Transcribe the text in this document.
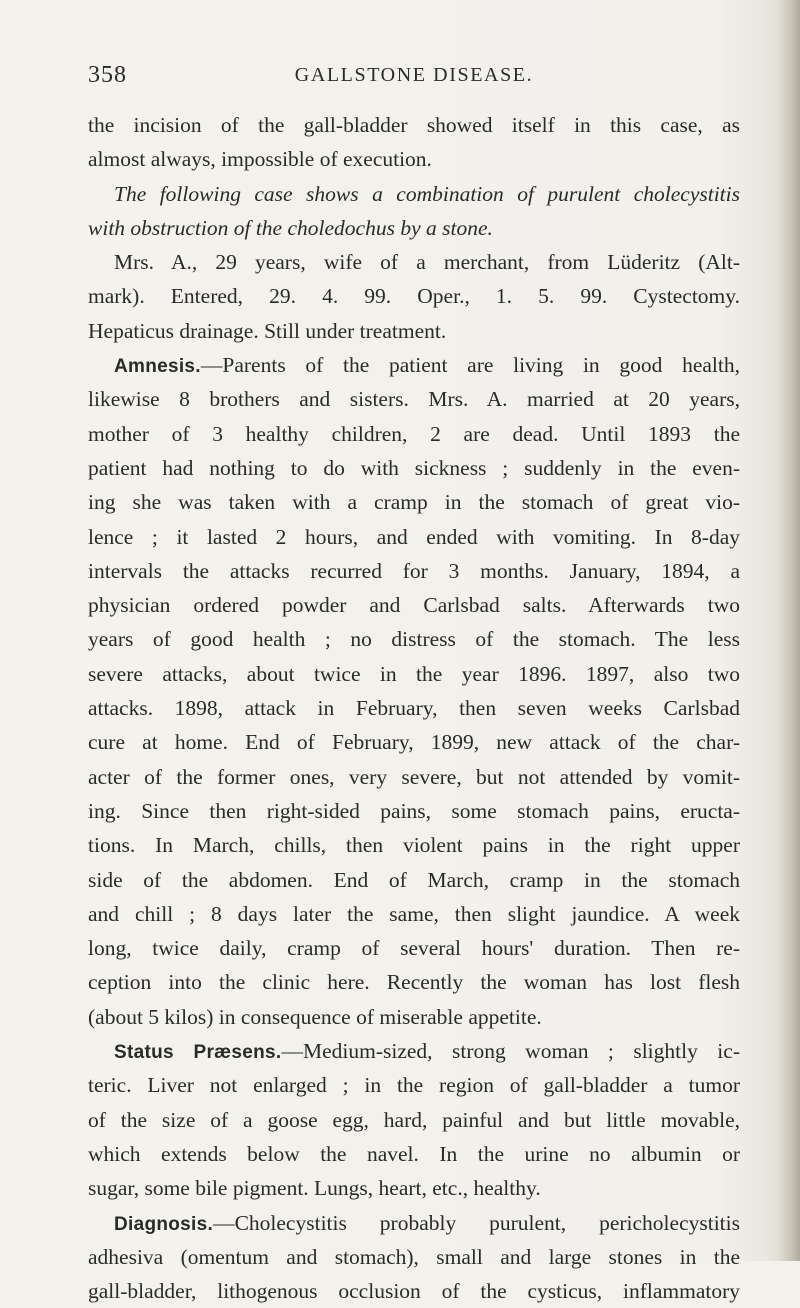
358	GALLSTONE DISEASE.
the incision of the gall-bladder showed itself in this case, as
almost always, impossible of execution.
The following case shows a combination of purulent cholecystitis
with obstruction of the choledochus by a stone.
Mrs. A., 29 years, wife of a merchant, from Lüderitz (Alt-
mark). Entered, 29. 4. 99. Oper., 1. 5. 99. Cystectomy.
Hepaticus drainage. Still under treatment.
Amnesis.—Parents of the patient are living in good health,
likewise 8 brothers and sisters. Mrs. A. married at 20 years,
mother of 3 healthy children, 2 are dead. Until 1893 the
patient had nothing to do with sickness ; suddenly in the even-
ing she was taken with a cramp in the stomach of great vio-
lence ; it lasted 2 hours, and ended with vomiting. In 8-day
intervals the attacks recurred for 3 months. January, 1894, a
physician ordered powder and Carlsbad salts. Afterwards two
years of good health ; no distress of the stomach. The less
severe attacks, about twice in the year 1896. 1897, also two
attacks. 1898, attack in February, then seven weeks Carlsbad
cure at home. End of February, 1899, new attack of the char-
acter of the former ones, very severe, but not attended by vomit-
ing. Since then right-sided pains, some stomach pains, eructa-
tions. In March, chills, then violent pains in the right upper
side of the abdomen. End of March, cramp in the stomach
and chill ; 8 days later the same, then slight jaundice. A week
long, twice daily, cramp of several hours' duration. Then re-
ception into the clinic here. Recently the woman has lost flesh
(about 5 kilos) in consequence of miserable appetite.
Status Præsens.—Medium-sized, strong woman ; slightly ic-
teric. Liver not enlarged ; in the region of gall-bladder a tumor
of the size of a goose egg, hard, painful and but little movable,
which extends below the navel. In the urine no albumin or
sugar, some bile pigment. Lungs, heart, etc., healthy.
Diagnosis.—Cholecystitis probably purulent, pericholecystitis
adhesiva (omentum and stomach), small and large stones in the
gall-bladder, lithogenous occlusion of the cysticus, inflammatory
